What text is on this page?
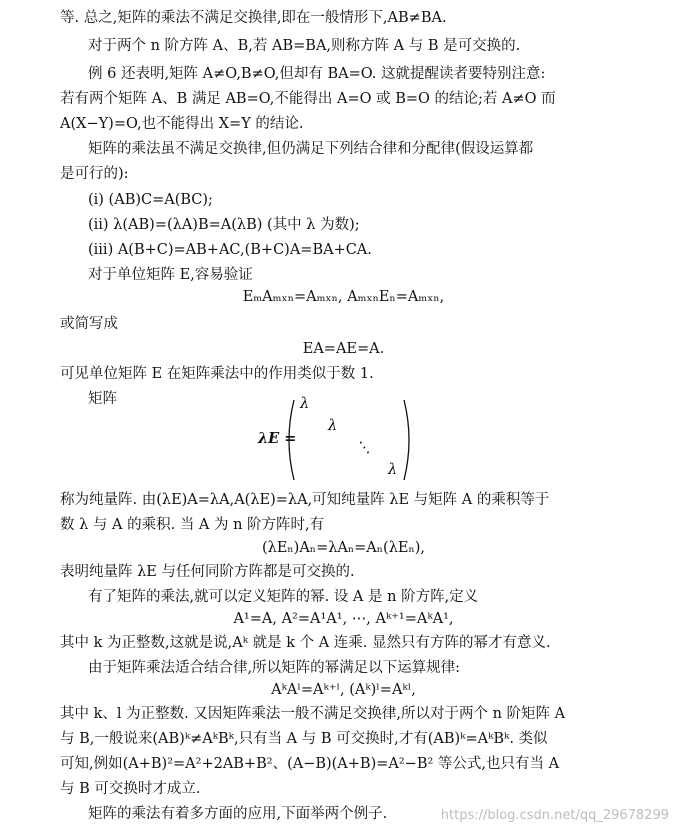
等. 总之,矩阵的乘法不满足交换律,即在一般情形下,AB≠BA.
对于两个 n 阶方阵 A、B,若 AB=BA,则称方阵 A 与 B 是可交换的.
例 6 还表明,矩阵 A≠O,B≠O,但却有 BA=O. 这就提醒读者要特别注意:
若有两个矩阵 A、B 满足 AB=O,不能得出 A=O 或 B=O 的结论;若 A≠O 而
A(X−Y)=O,也不能得出 X=Y 的结论.
矩阵的乘法虽不满足交换律,但仍满足下列结合律和分配律(假设运算都
是可行的):
(i) (AB)C=A(BC);
(ii) λ(AB)=(λA)B=A(λB) (其中 λ 为数);
(iii) A(B+C)=AB+AC,(B+C)A=BA+CA.
对于单位矩阵 E,容易验证
EₘAₘₓₙ=Aₘₓₙ, AₘₓₙEₙ=Aₘₓₙ,
或简写成
EA=AE=A.
可见单位矩阵 E 在矩阵乘法中的作用类似于数 1.
矩阵
λE =
λ
λ
⋱
λ
称为纯量阵. 由(λE)A=λA,A(λE)=λA,可知纯量阵 λE 与矩阵 A 的乘积等于
数 λ 与 A 的乘积. 当 A 为 n 阶方阵时,有
(λEₙ)Aₙ=λAₙ=Aₙ(λEₙ),
表明纯量阵 λE 与任何同阶方阵都是可交换的.
有了矩阵的乘法,就可以定义矩阵的幂. 设 A 是 n 阶方阵,定义
A¹=A, A²=A¹A¹, ⋯, Aᵏ⁺¹=AᵏA¹,
其中 k 为正整数,这就是说,Aᵏ 就是 k 个 A 连乘. 显然只有方阵的幂才有意义.
由于矩阵乘法适合结合律,所以矩阵的幂满足以下运算规律:
AᵏAˡ=Aᵏ⁺ˡ, (Aᵏ)ˡ=Aᵏˡ,
其中 k、l 为正整数. 又因矩阵乘法一般不满足交换律,所以对于两个 n 阶矩阵 A
与 B,一般说来(AB)ᵏ≠AᵏBᵏ,只有当 A 与 B 可交换时,才有(AB)ᵏ=AᵏBᵏ. 类似
可知,例如(A+B)²=A²+2AB+B²、(A−B)(A+B)=A²−B² 等公式,也只有当 A
与 B 可交换时才成立.
矩阵的乘法有着多方面的应用,下面举两个例子.	https://blog.csdn.net/qq_29678299
